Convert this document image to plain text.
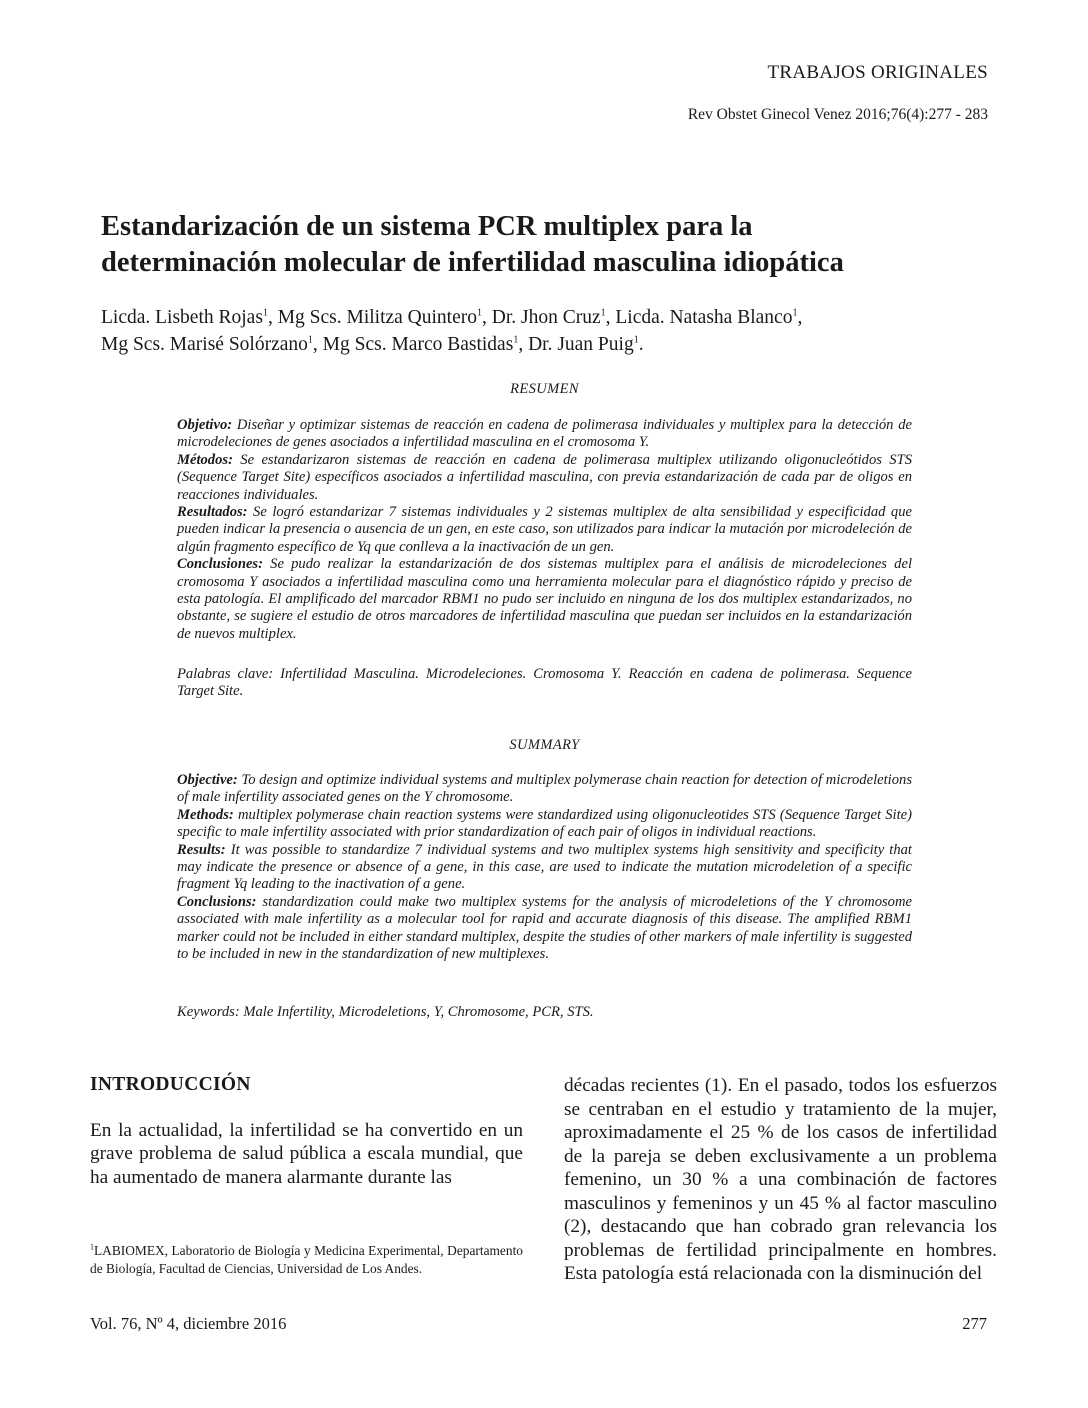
TRABAJOS ORIGINALES
Rev Obstet Ginecol Venez 2016;76(4):277 - 283
Estandarización de un sistema PCR multiplex para la
determinación molecular de infertilidad masculina idiopática
Licda. Lisbeth Rojas$^1$, Mg Scs. Militza Quintero$^1$, Dr. Jhon Cruz$^1$, Licda. Natasha Blanco$^1$,
Mg Scs. Marisé Solórzano$^1$, Mg Scs. Marco Bastidas$^1$, Dr. Juan Puig$^1$.
RESUMEN

Objetivo: Diseñar y optimizar sistemas de reacción en cadena de polimerasa individuales y multiplex para la detección de microdeleciones de genes asociados a infertilidad masculina en el cromosoma Y.

Métodos: Se estandarizaron sistemas de reacción en cadena de polimerasa multiplex utilizando oligonucleótidos STS (Sequence Target Site) específicos asociados a infertilidad masculina, con previa estandarización de cada par de oligos en reacciones individuales.

Resultados: Se logró estandarizar 7 sistemas individuales y 2 sistemas multiplex de alta sensibilidad y especificidad que pueden indicar la presencia o ausencia de un gen, en este caso, son utilizados para indicar la mutación por microdeleción de algún fragmento específico de Yq que conlleva a la inactivación de un gen.

Conclusiones: Se pudo realizar la estandarización de dos sistemas multiplex para el análisis de microdeleciones del cromosoma Y asociados a infertilidad masculina como una herramienta molecular para el diagnóstico rápido y preciso de esta patología. El amplificado del marcador RBM1 no pudo ser incluido en ninguna de los dos multiplex estandarizados, no obstante, se sugiere el estudio de otros marcadores de infertilidad masculina que puedan ser incluidos en la estandarización de nuevos multiplex.

Palabras clave: Infertilidad Masculina. Microdeleciones. Cromosoma Y. Reacción en cadena de polimerasa. Sequence Target Site.

SUMMARY

Objective: To design and optimize individual systems and multiplex polymerase chain reaction for detection of microdeletions of male infertility associated genes on the Y chromosome.

Methods: multiplex polymerase chain reaction systems were standardized using oligonucleotides STS (Sequence Target Site) specific to male infertility associated with prior standardization of each pair of oligos in individual reactions.

Results: It was possible to standardize 7 individual systems and two multiplex systems high sensitivity and specificity that may indicate the presence or absence of a gene, in this case, are used to indicate the mutation microdeletion of a specific fragment Yq leading to the inactivation of a gene.

Conclusions: standardization could make two multiplex systems for the analysis of microdeletions of the Y chromosome associated with male infertility as a molecular tool for rapid and accurate diagnosis of this disease. The amplified RBM1 marker could not be included in either standard multiplex, despite the studies of other markers of male infertility is suggested to be included in new in the standardization of new multiplexes.

Keywords: Male Infertility, Microdeletions, Y, Chromosome, PCR, STS.

INTRODUCCIÓN

En la actualidad, la infertilidad se ha convertido en un grave problema de salud pública a escala mundial, que ha aumentado de manera alarmante durante las

$^1$LABIOMEX, Laboratorio de Biología y Medicina Experimental, Departamento de Biología, Facultad de Ciencias, Universidad de Los Andes.

décadas recientes (1). En el pasado, todos los esfuerzos se centraban en el estudio y tratamiento de la mujer, aproximadamente el 25 % de los casos de infertilidad de la pareja se deben exclusivamente a un problema femenino, un 30 % a una combinación de factores masculinos y femeninos y un 45 % al factor masculino (2), destacando que han cobrado gran relevancia los problemas de fertilidad principalmente en hombres. Esta patología está relacionada con la disminución del

Vol. 76, Nº 4, diciembre 2016	277
